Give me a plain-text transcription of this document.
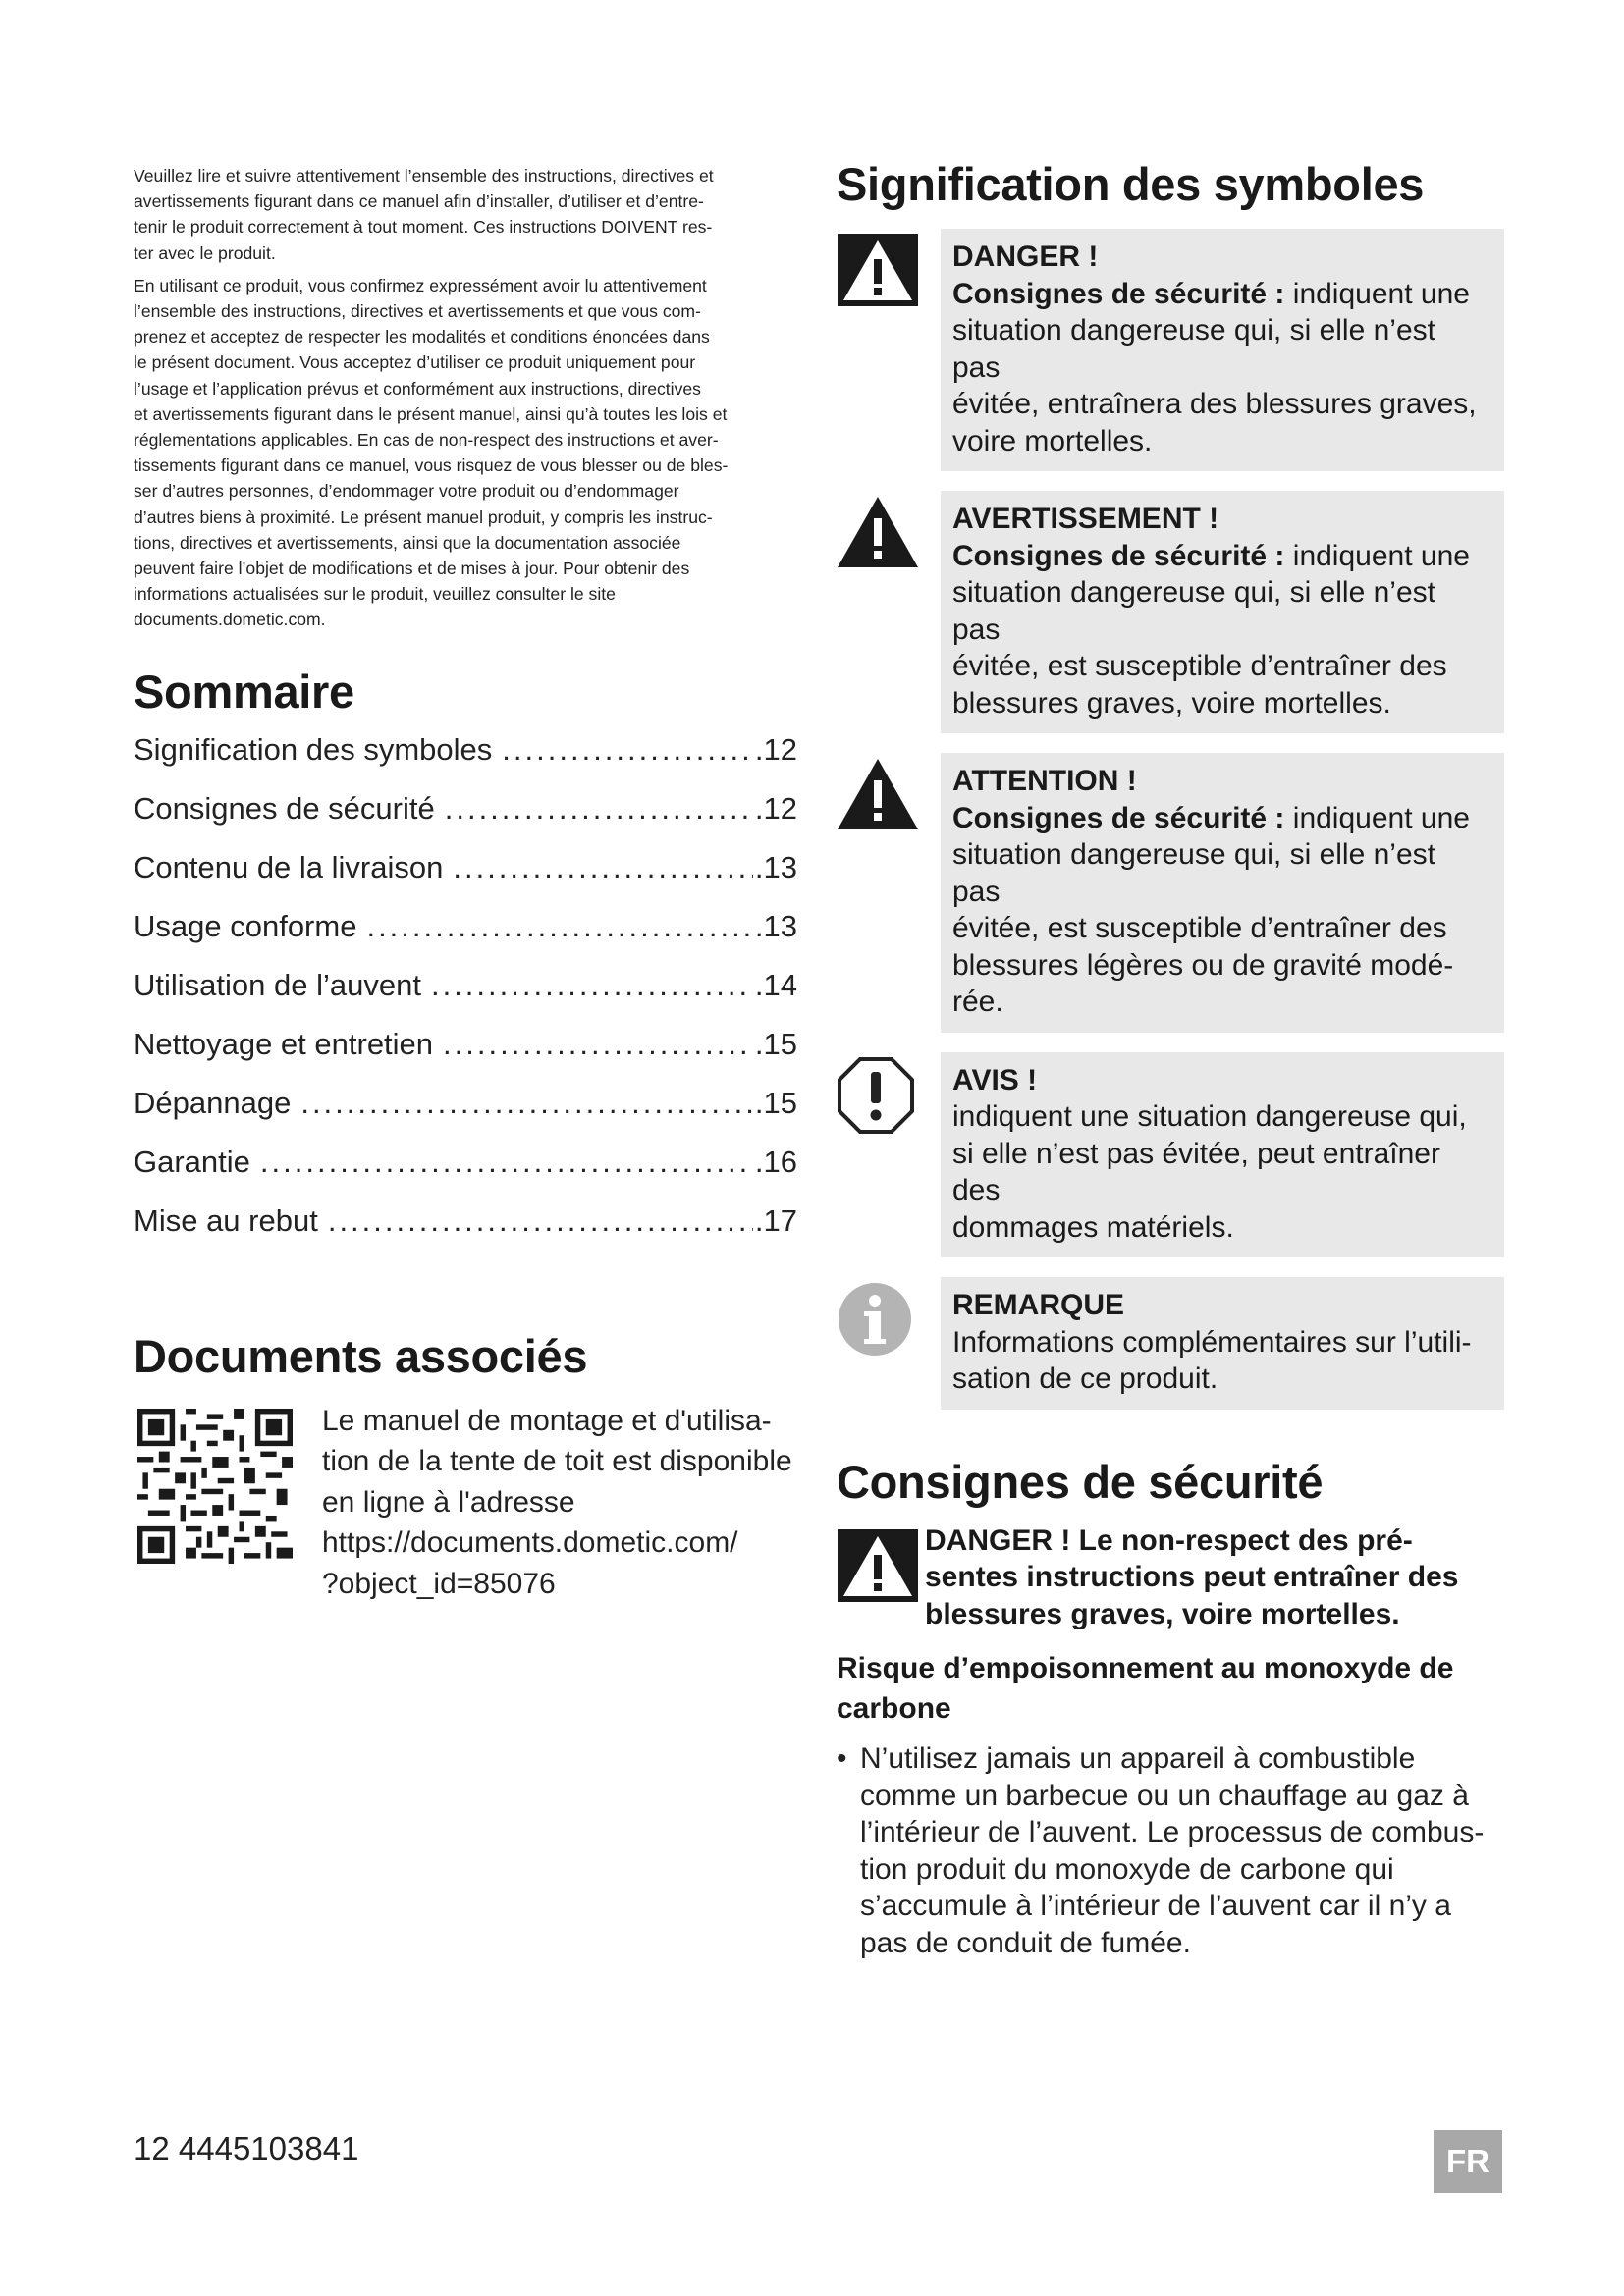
Veuillez lire et suivre attentivement l’ensemble des instructions, directives et
avertissements figurant dans ce manuel afin d’installer, d’utiliser et d’entre-
tenir le produit correctement à tout moment. Ces instructions DOIVENT res-
ter avec le produit.

En utilisant ce produit, vous confirmez expressément avoir lu attentivement
l’ensemble des instructions, directives et avertissements et que vous com-
prenez et acceptez de respecter les modalités et conditions énoncées dans
le présent document. Vous acceptez d’utiliser ce produit uniquement pour
l’usage et l’application prévus et conformément aux instructions, directives
et avertissements figurant dans le présent manuel, ainsi qu’à toutes les lois et
réglementations applicables. En cas de non-respect des instructions et aver-
tissements figurant dans ce manuel, vous risquez de vous blesser ou de bles-
ser d’autres personnes, d’endommager votre produit ou d’endommager
d’autres biens à proximité. Le présent manuel produit, y compris les instruc-
tions, directives et avertissements, ainsi que la documentation associée
peuvent faire l’objet de modifications et de mises à jour. Pour obtenir des
informations actualisées sur le produit, veuillez consulter le site
documents.dometic.com.

Sommaire
Signification des symboles .....	.12
Consignes de sécurité .....	.12
Contenu de la livraison .....	.13
Usage conforme .....	.13
Utilisation de l’auvent .....	.14
Nettoyage et entretien .....	.15
Dépannage .....	.15
Garantie .....	.16
Mise au rebut .....	.17
Documents associés
Le manuel de montage et d'utilisa-
tion de la tente de toit est disponible
en ligne à l'adresse
https://documents.dometic.com/
?object_id=85076
Signification des symboles
DANGER !
Consignes de sécurité : indiquent une
situation dangereuse qui, si elle n’est pas
évitée, entraînera des blessures graves,
voire mortelles.
AVERTISSEMENT !
Consignes de sécurité : indiquent une
situation dangereuse qui, si elle n’est pas
évitée, est susceptible d’entraîner des
blessures graves, voire mortelles.
ATTENTION !
Consignes de sécurité : indiquent une
situation dangereuse qui, si elle n’est pas
évitée, est susceptible d’entraîner des
blessures légères ou de gravité modé-
rée.
AVIS !
indiquent une situation dangereuse qui,
si elle n’est pas évitée, peut entraîner des
dommages matériels.
REMARQUE
Informations complémentaires sur l’utili-
sation de ce produit.
Consignes de sécurité
DANGER ! Le non-respect des pré-
sentes instructions peut entraîner des
blessures graves, voire mortelles.
Risque d’empoisonnement au monoxyde de
carbone
• N’utilisez jamais un appareil à combustible
comme un barbecue ou un chauffage au gaz à
l’intérieur de l’auvent. Le processus de combus-
tion produit du monoxyde de carbone qui
s’accumule à l’intérieur de l’auvent car il n’y a
pas de conduit de fumée.
12 4445103841	FR
